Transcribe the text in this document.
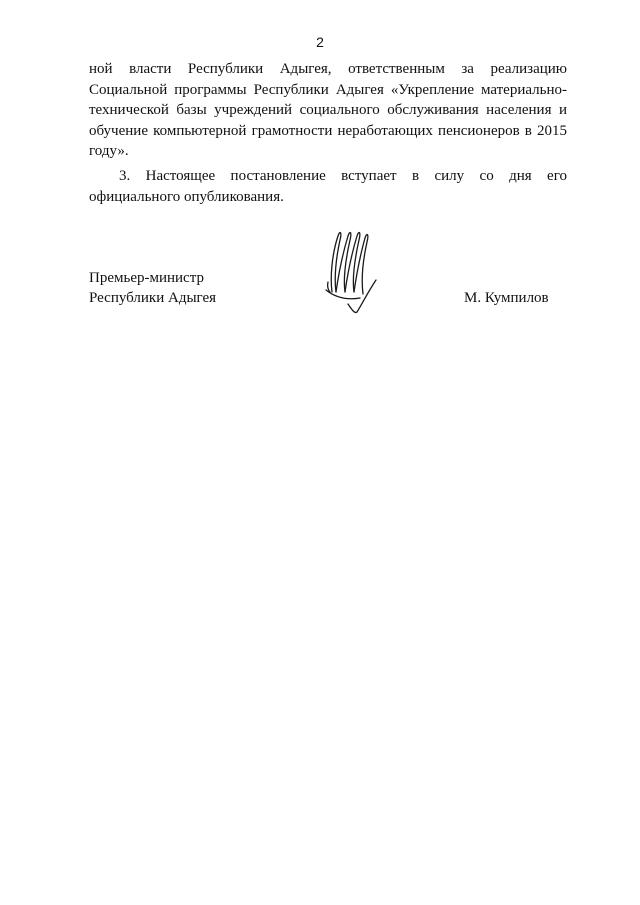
2

ной власти Республики Адыгея, ответственным за реализацию Социальной программы Республики Адыгея «Укрепление материально-технической базы учреждений социального обслуживания населения и обучение компьютерной грамотности неработающих пенсионеров в 2015 году».

3. Настоящее постановление вступает в силу со дня его официального опубликования.

Премьер-министр
Республики Адыгея	М. Кумпилов
